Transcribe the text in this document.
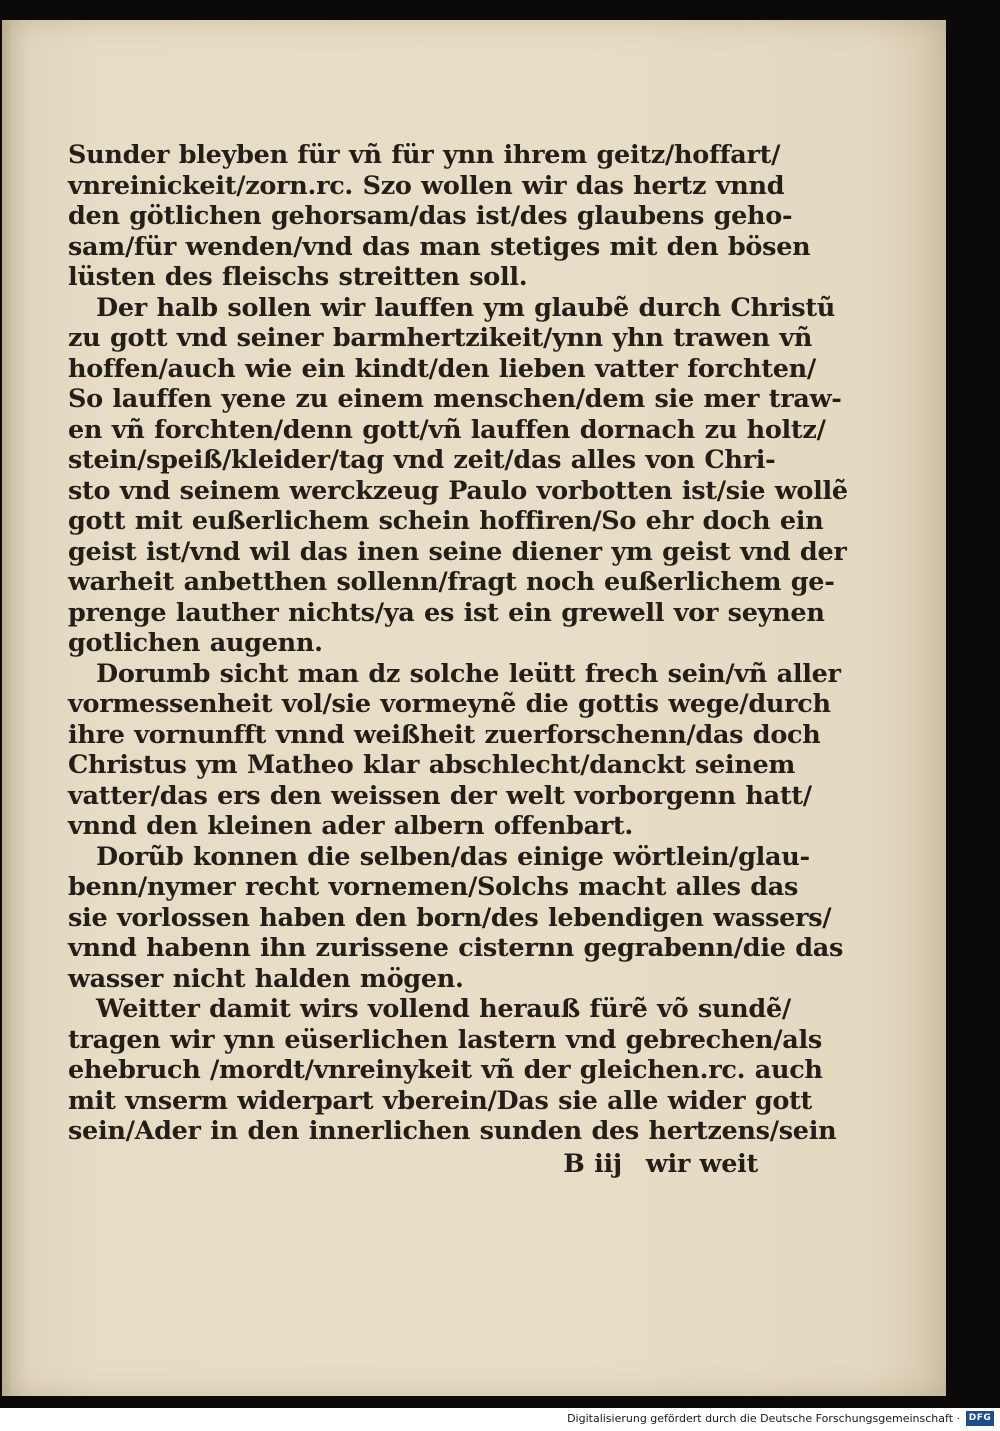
Sunder bleyben für vñ für ynn ihrem geitz/hoffart/
vnreinickeit/zorn.rc. Szo wollen wir das hertz vnnd
den götlichen gehorsam/das ist/des glaubens geho-
sam/für wenden/vnd das man stetiges mit den bösen
lüsten des fleischs streitten soll.
Der halb sollen wir lauffen ym glaubẽ durch Christũ
zu gott vnd seiner barmhertzikeit/ynn yhn trawen vñ
hoffen/auch wie ein kindt/den lieben vatter forchten/
So lauffen yene zu einem menschen/dem sie mer traw-
en vñ forchten/denn gott/vñ lauffen dornach zu holtz/
stein/speiß/kleider/tag vnd zeit/das alles von Chri-
sto vnd seinem werckzeug Paulo vorbotten ist/sie wollẽ
gott mit eußerlichem schein hoffiren/So ehr doch ein
geist ist/vnd wil das inen seine diener ym geist vnd der
warheit anbetthen sollenn/fragt noch eußerlichem ge-
prenge lauther nichts/ya es ist ein grewell vor seynen
gotlichen augenn.
Dorumb sicht man dz solche leütt frech sein/vñ aller
vormessenheit vol/sie vormeynẽ die gottis wege/durch
ihre vornunfft vnnd weißheit zuerforschenn/das doch
Christus ym Matheo klar abschlecht/danckt seinem
vatter/das ers den weissen der welt vorborgenn hatt/
vnnd den kleinen ader albern offenbart.
Dorũb konnen die selben/das einige wörtlein/glau-
benn/nymer recht vornemen/Solchs macht alles das
sie vorlossen haben den born/des lebendigen wassers/
vnnd habenn ihn zurissene cisternn gegrabenn/die das
wasser nicht halden mögen.
Weitter damit wirs vollend herauß fürẽ võ sundẽ/
tragen wir ynn eüserlichen lastern vnd gebrechen/als
ehebruch /mordt/vnreinykeit vñ der gleichen.rc. auch
mit vnserm widerpart vberein/Das sie alle wider gott
sein/Ader in den innerlichen sunden des hertzens/sein
B iij wir weit
Digitalisierung gefördert durch die Deutsche Forschungsgemeinschaft · DFG
